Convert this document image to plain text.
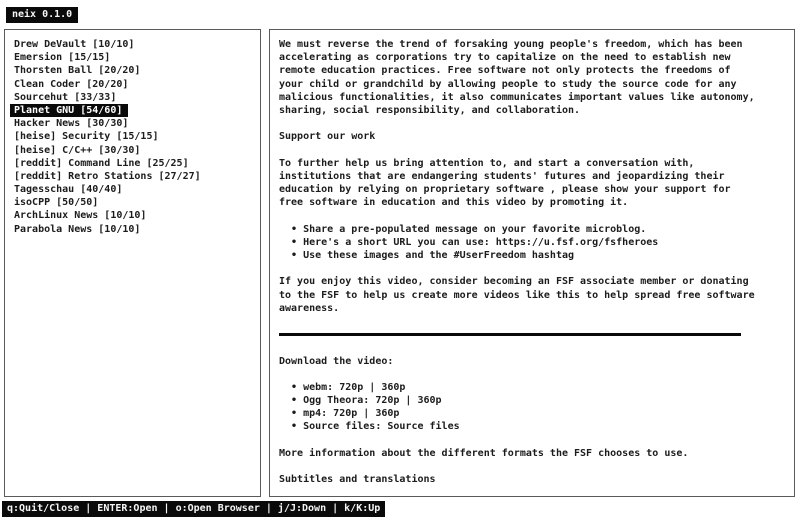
neix 0.1.0
Drew DeVault [10/10]
Emersion [15/15]
Thorsten Ball [20/20]
Clean Coder [20/20]
Sourcehut [33/33]
Planet GNU [54/60]
Hacker News [30/30]
[heise] Security [15/15]
[heise] C/C++ [30/30]
[reddit] Command Line [25/25]
[reddit] Retro Stations [27/27]
Tagesschau [40/40]
isoCPP [50/50]
ArchLinux News [10/10]
Parabola News [10/10]
We must reverse the trend of forsaking young people's freedom, which has been
accelerating as corporations try to capitalize on the need to establish new
remote education practices. Free software not only protects the freedoms of
your child or grandchild by allowing people to study the source code for any
malicious functionalities, it also communicates important values like autonomy,
sharing, social responsibility, and collaboration.
Support our work
To further help us bring attention to, and start a conversation with,
institutions that are endangering students' futures and jeopardizing their
education by relying on proprietary software , please show your support for
free software in education and this video by promoting it.
• Share a pre-populated message on your favorite microblog.
• Here's a short URL you can use: https://u.fsf.org/fsfheroes
• Use these images and the #UserFreedom hashtag
If you enjoy this video, consider becoming an FSF associate member or donating
to the FSF to help us create more videos like this to help spread free software
awareness.
Download the video:
• webm: 720p | 360p
• Ogg Theora: 720p | 360p
• mp4: 720p | 360p
• Source files: Source files
More information about the different formats the FSF chooses to use.
Subtitles and translations
q:Quit/Close | ENTER:Open | o:Open Browser | j/J:Down | k/K:Up
